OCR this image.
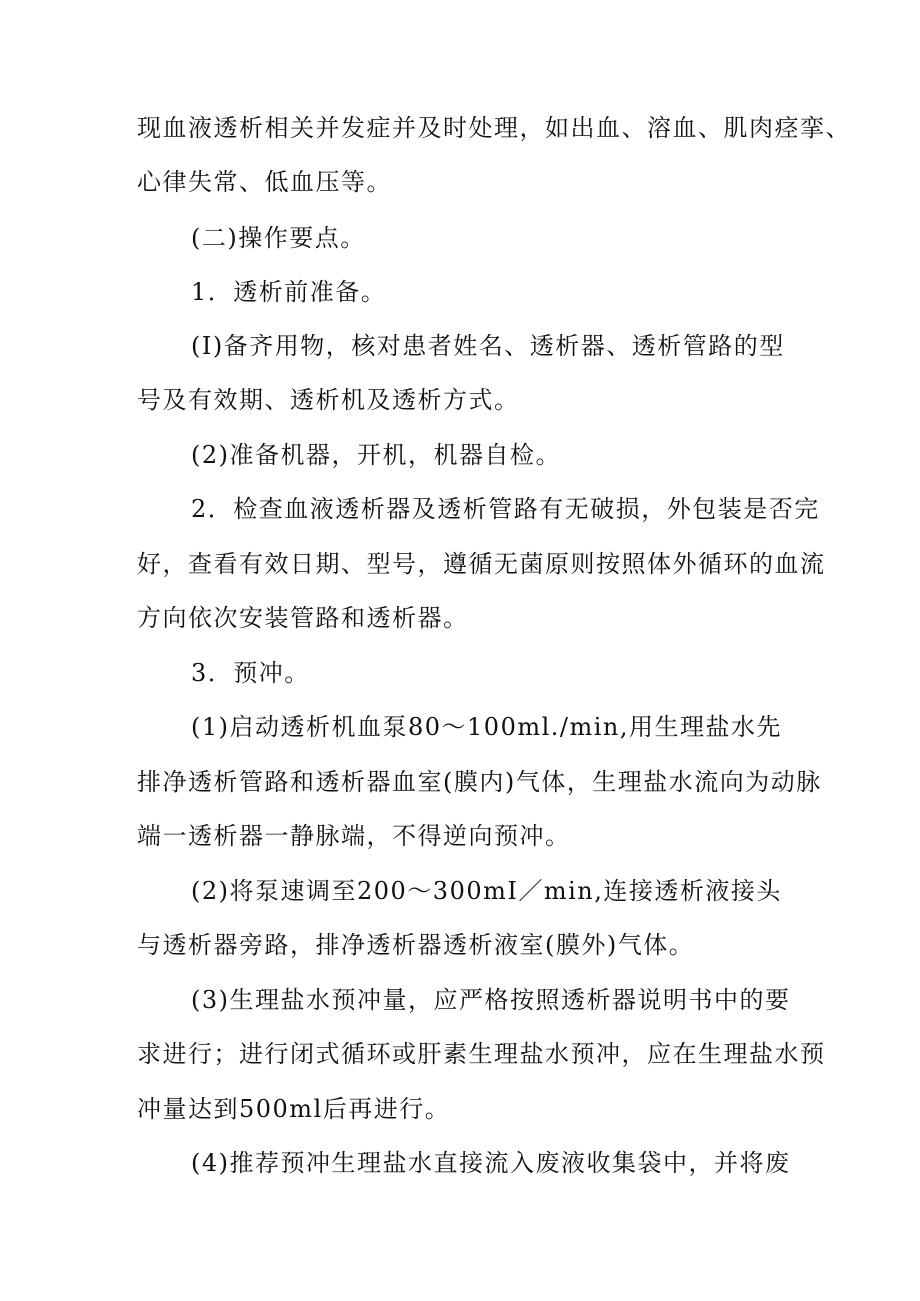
现血液透析相关并发症并及时处理，如出血、溶血、肌肉痉挛、
心律失常、低血压等。
(二)操作要点。
1．透析前准备。
(I)备齐用物，核对患者姓名、透析器、透析管路的型
号及有效期、透析机及透析方式。
(2)准备机器，开机，机器自检。
2．检查血液透析器及透析管路有无破损，外包装是否完
好，查看有效日期、型号，遵循无菌原则按照体外循环的血流
方向依次安装管路和透析器。
3．预冲。
(1)启动透析机血泵80～100ml./min,用生理盐水先
排净透析管路和透析器血室(膜内)气体，生理盐水流向为动脉
端一透析器一静脉端，不得逆向预冲。
(2)将泵速调至200～300mI／min,连接透析液接头
与透析器旁路，排净透析器透析液室(膜外)气体。
(3)生理盐水预冲量，应严格按照透析器说明书中的要
求进行；进行闭式循环或肝素生理盐水预冲，应在生理盐水预
冲量达到500ml后再进行。
(4)推荐预冲生理盐水直接流入废液收集袋中，并将废
